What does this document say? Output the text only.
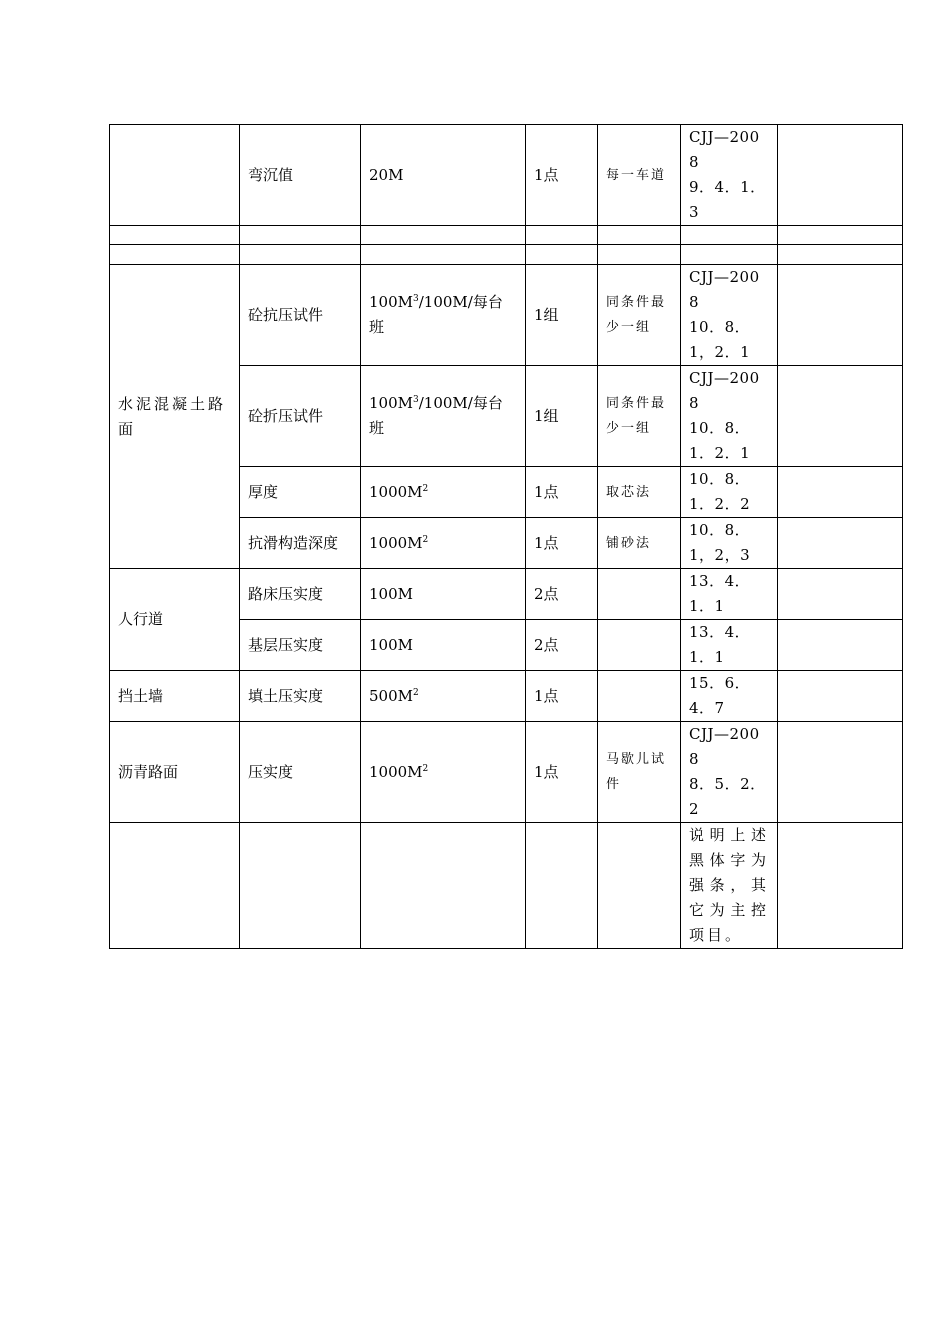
	弯沉值	20M	1点	每一车道	CJJ—2008
9．4．1．3	

水泥混凝土路面	砼抗压试件	$100M^3/100M/$每台班	1组	同条件最少一组	CJJ—2008
10．8．1，2．1	

	砼折压试件	$100M^3/100M/$每台班	1组	同条件最少一组	CJJ—2008
10．8．1．2．1	

	厚度	$1000M^2$	1点	取芯法	10．8．1．2．2	
	抗滑构造深度	$1000M^2$	1点	铺砂法	10．8．1，2，3	
人行道	路床压实度	100M	2点		13．4．1．1	
	基层压实度	100M	2点		13．4．1．1	
挡土墙	填土压实度	$500M^2$	1点		15．6．4．7	
沥青路面	压实度	$1000M^2$	1点	马歇儿试件	CJJ—2008
8．5．2．2	

					说明上述黑体字为强条，其它为主控项目。	
